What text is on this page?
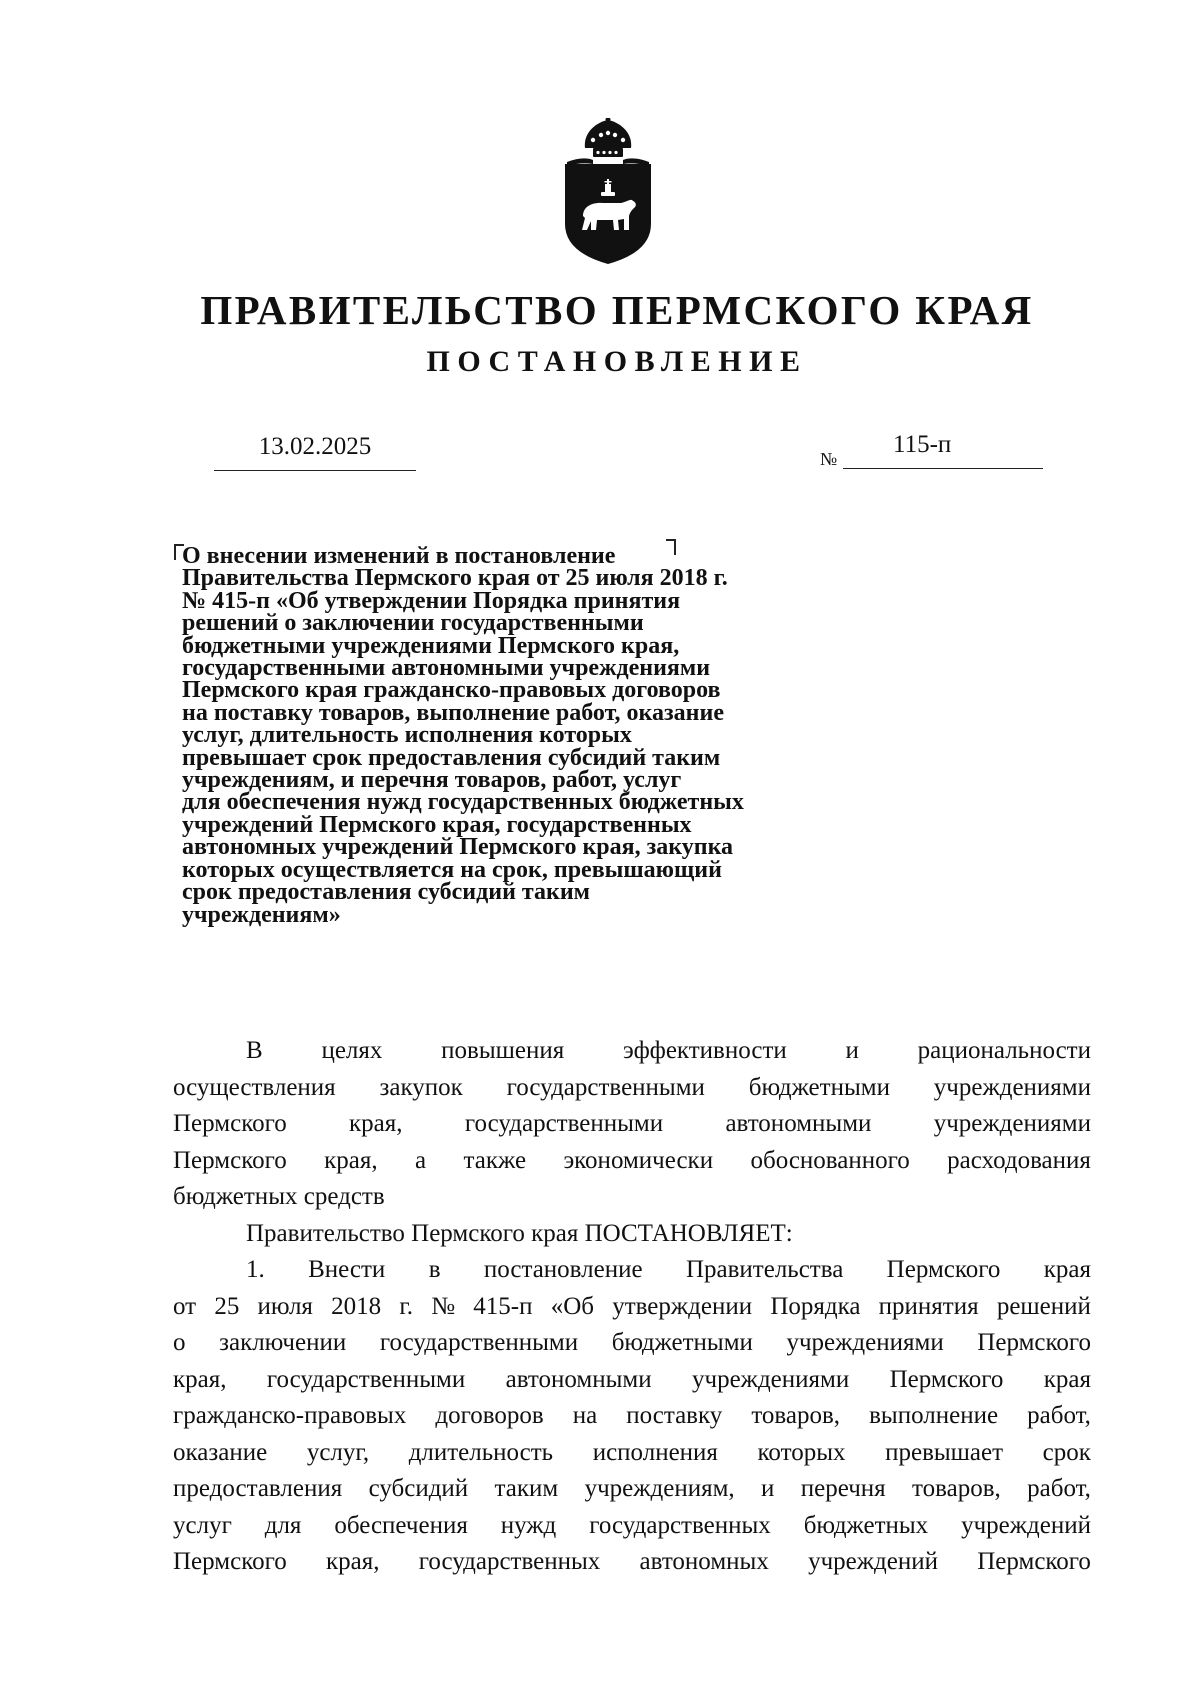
ПРАВИТЕЛЬСТВО ПЕРМСКОГО КРАЯ
ПОСТАНОВЛЕНИЕ
13.02.2025	№
115-п
О внесении изменений в постановление
Правительства Пермского края от 25 июля 2018 г.
№ 415-п «Об утверждении Порядка принятия
решений о заключении государственными
бюджетными учреждениями Пермского края,
государственными автономными учреждениями
Пермского края гражданско-правовых договоров
на поставку товаров, выполнение работ, оказание
услуг, длительность исполнения которых
превышает срок предоставления субсидий таким
учреждениям, и перечня товаров, работ, услуг
для обеспечения нужд государственных бюджетных
учреждений Пермского края, государственных
автономных учреждений Пермского края, закупка
которых осуществляется на срок, превышающий
срок предоставления субсидий таким
учреждениям»
В целях повышения эффективности и рациональности
осуществления закупок государственными бюджетными учреждениями
Пермского края, государственными автономными учреждениями
Пермского края, а также экономически обоснованного расходования
бюджетных средств
Правительство Пермского края ПОСТАНОВЛЯЕТ:
1. Внести в постановление Правительства Пермского края
от 25 июля 2018 г. № 415-п «Об утверждении Порядка принятия решений
о заключении государственными бюджетными учреждениями Пермского
края, государственными автономными учреждениями Пермского края
гражданско-правовых договоров на поставку товаров, выполнение работ,
оказание услуг, длительность исполнения которых превышает срок
предоставления субсидий таким учреждениям, и перечня товаров, работ,
услуг для обеспечения нужд государственных бюджетных учреждений
Пермского края, государственных автономных учреждений Пермского
